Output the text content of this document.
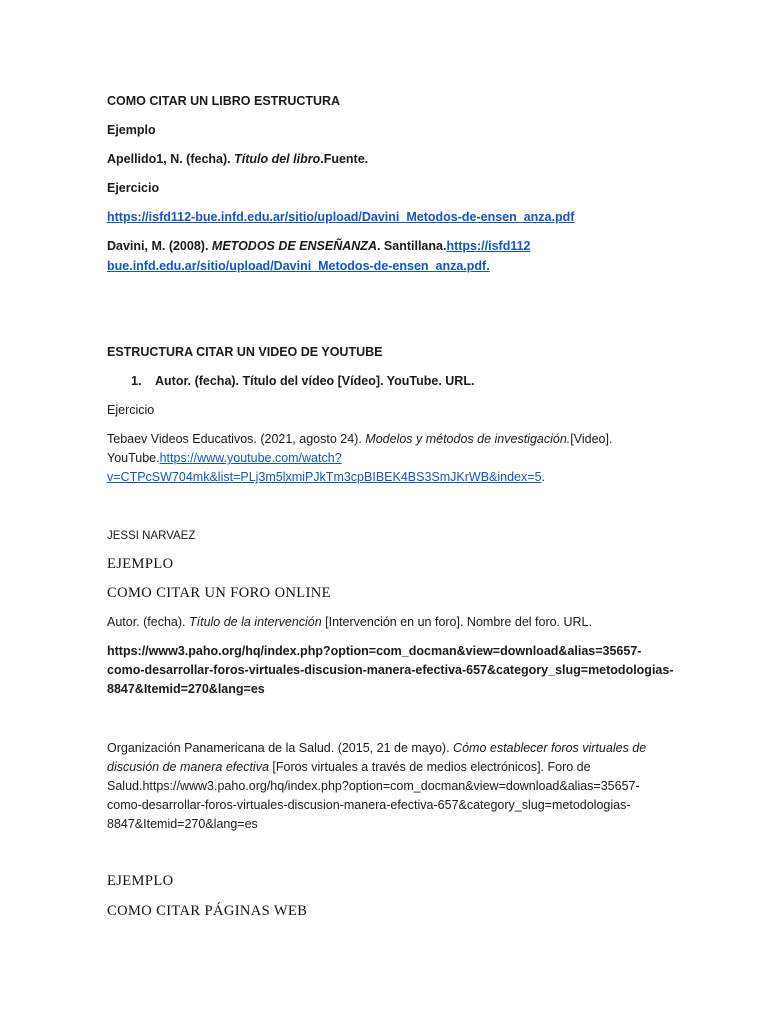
COMO CITAR UN LIBRO ESTRUCTURA
Ejemplo
Apellido1, N. (fecha). Título del libro.Fuente.
Ejercicio
https://isfd112-bue.infd.edu.ar/sitio/upload/Davini_Metodos-de-ensen_anza.pdf
Davini, M. (2008). METODOS DE ENSEÑANZA. Santillana.https://isfd112
bue.infd.edu.ar/sitio/upload/Davini_Metodos-de-ensen_anza.pdf.
ESTRUCTURA CITAR UN VIDEO DE YOUTUBE
1. Autor. (fecha). Título del vídeo [Vídeo]. YouTube. URL.
Ejercicio
Tebaev Videos Educativos. (2021, agosto 24). Modelos y métodos de investigación.[Video].
YouTube.https://www.youtube.com/watch?
v=CTPcSW704mk&list=PLj3m5lxmiPJkTm3cpBIBEK4BS3SmJKrWB&index=5.
JESSI NARVAEZ
EJEMPLO
COMO CITAR UN FORO ONLINE
Autor. (fecha). Título de la intervención [Intervención en un foro]. Nombre del foro. URL.
https://www3.paho.org/hq/index.php?option=com_docman&view=download&alias=35657-
como-desarrollar-foros-virtuales-discusion-manera-efectiva-657&category_slug=metodologias-
8847&Itemid=270&lang=es
Organización Panamericana de la Salud. (2015, 21 de mayo). Cómo establecer foros virtuales de
discusión de manera efectiva [Foros virtuales a través de medios electrónicos]. Foro de
Salud.https://www3.paho.org/hq/index.php?option=com_docman&view=download&alias=35657-
como-desarrollar-foros-virtuales-discusion-manera-efectiva-657&category_slug=metodologias-
8847&Itemid=270&lang=es
EJEMPLO
COMO CITAR PÁGINAS WEB
